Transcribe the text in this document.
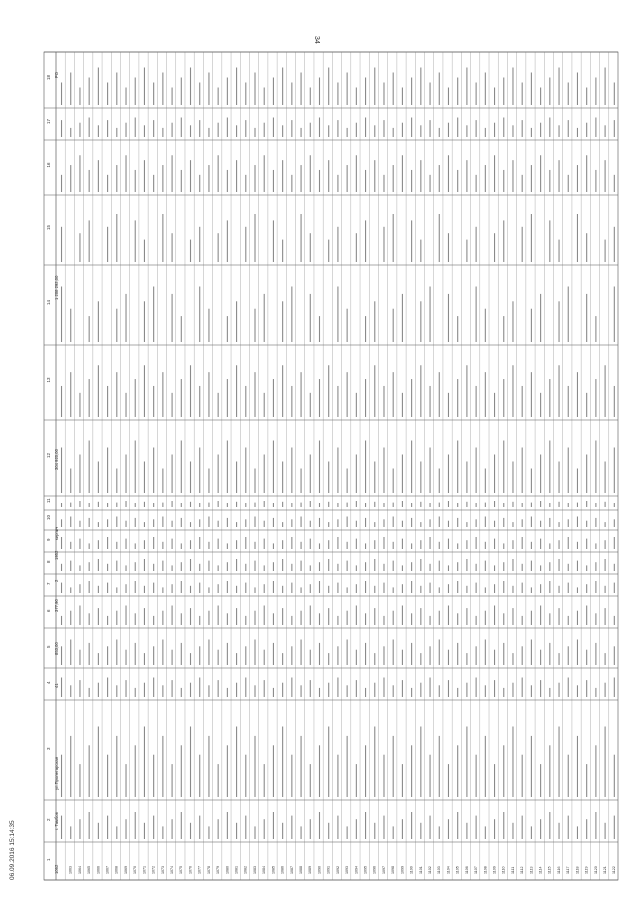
1
2
3
4
5
6
7
8
9
10
11
12
13
14
15
16
17
18
1063 1064 1065 1066 1067 1068 1069 1070 1071 1072 1073 1074 1075 1076 1077 1078 1079 1080 1081 1082 1083 1084 1085 1086 1087 1088 1089 1090 1091 1092 1093 1094 1095 1096 1097 1098 1099 1100 1101 1102 1103 1104 1105 1106 1107 1108 1109 1110 1111 1112 1113 1114 1115 1116 1117 1118 1119 1120 1121 1122
34
06.09.2016 15:14:35	1062
г. Тамбов
ул.Пролетарская
41
853,00
377,90
2
1952
кирпич
304 920,00
1 208 292,00
РО
